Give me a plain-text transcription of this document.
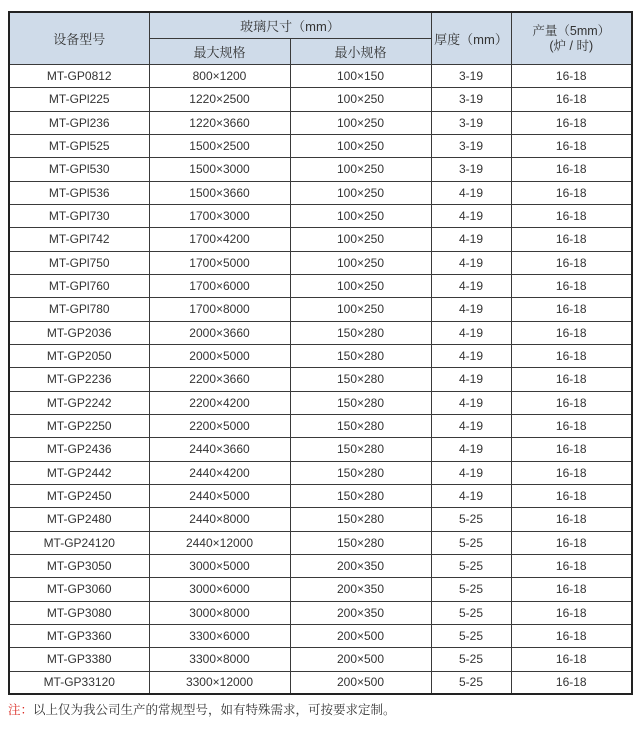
设备型号	玻璃尺寸（mm）		厚度（mm）	产量（5mm）
(炉 / 时)

	最大规格	最小规格		
MT-GP0812	800×1200	100×150	3-19	16-18
MT-GPl225	1220×2500	100×250	3-19	16-18
MT-GPl236	1220×3660	100×250	3-19	16-18
MT-GPl525	1500×2500	100×250	3-19	16-18
MT-GPl530	1500×3000	100×250	3-19	16-18
MT-GPl536	1500×3660	100×250	4-19	16-18
MT-GPl730	1700×3000	100×250	4-19	16-18
MT-GPl742	1700×4200	100×250	4-19	16-18
MT-GPl750	1700×5000	100×250	4-19	16-18
MT-GPl760	1700×6000	100×250	4-19	16-18
MT-GPl780	1700×8000	100×250	4-19	16-18
MT-GP2036	2000×3660	150×280	4-19	16-18
MT-GP2050	2000×5000	150×280	4-19	16-18
MT-GP2236	2200×3660	150×280	4-19	16-18
MT-GP2242	2200×4200	150×280	4-19	16-18
MT-GP2250	2200×5000	150×280	4-19	16-18
MT-GP2436	2440×3660	150×280	4-19	16-18
MT-GP2442	2440×4200	150×280	4-19	16-18
MT-GP2450	2440×5000	150×280	4-19	16-18
MT-GP2480	2440×8000	150×280	5-25	16-18
MT-GP24120	2440×12000	150×280	5-25	16-18
MT-GP3050	3000×5000	200×350	5-25	16-18
MT-GP3060	3000×6000	200×350	5-25	16-18
MT-GP3080	3000×8000	200×350	5-25	16-18
MT-GP3360	3300×6000	200×500	5-25	16-18
MT-GP3380	3300×8000	200×500	5-25	16-18
MT-GP33120	3300×12000	200×500	5-25	16-18
注：以上仅为我公司生产的常规型号，如有特殊需求，可按要求定制。
